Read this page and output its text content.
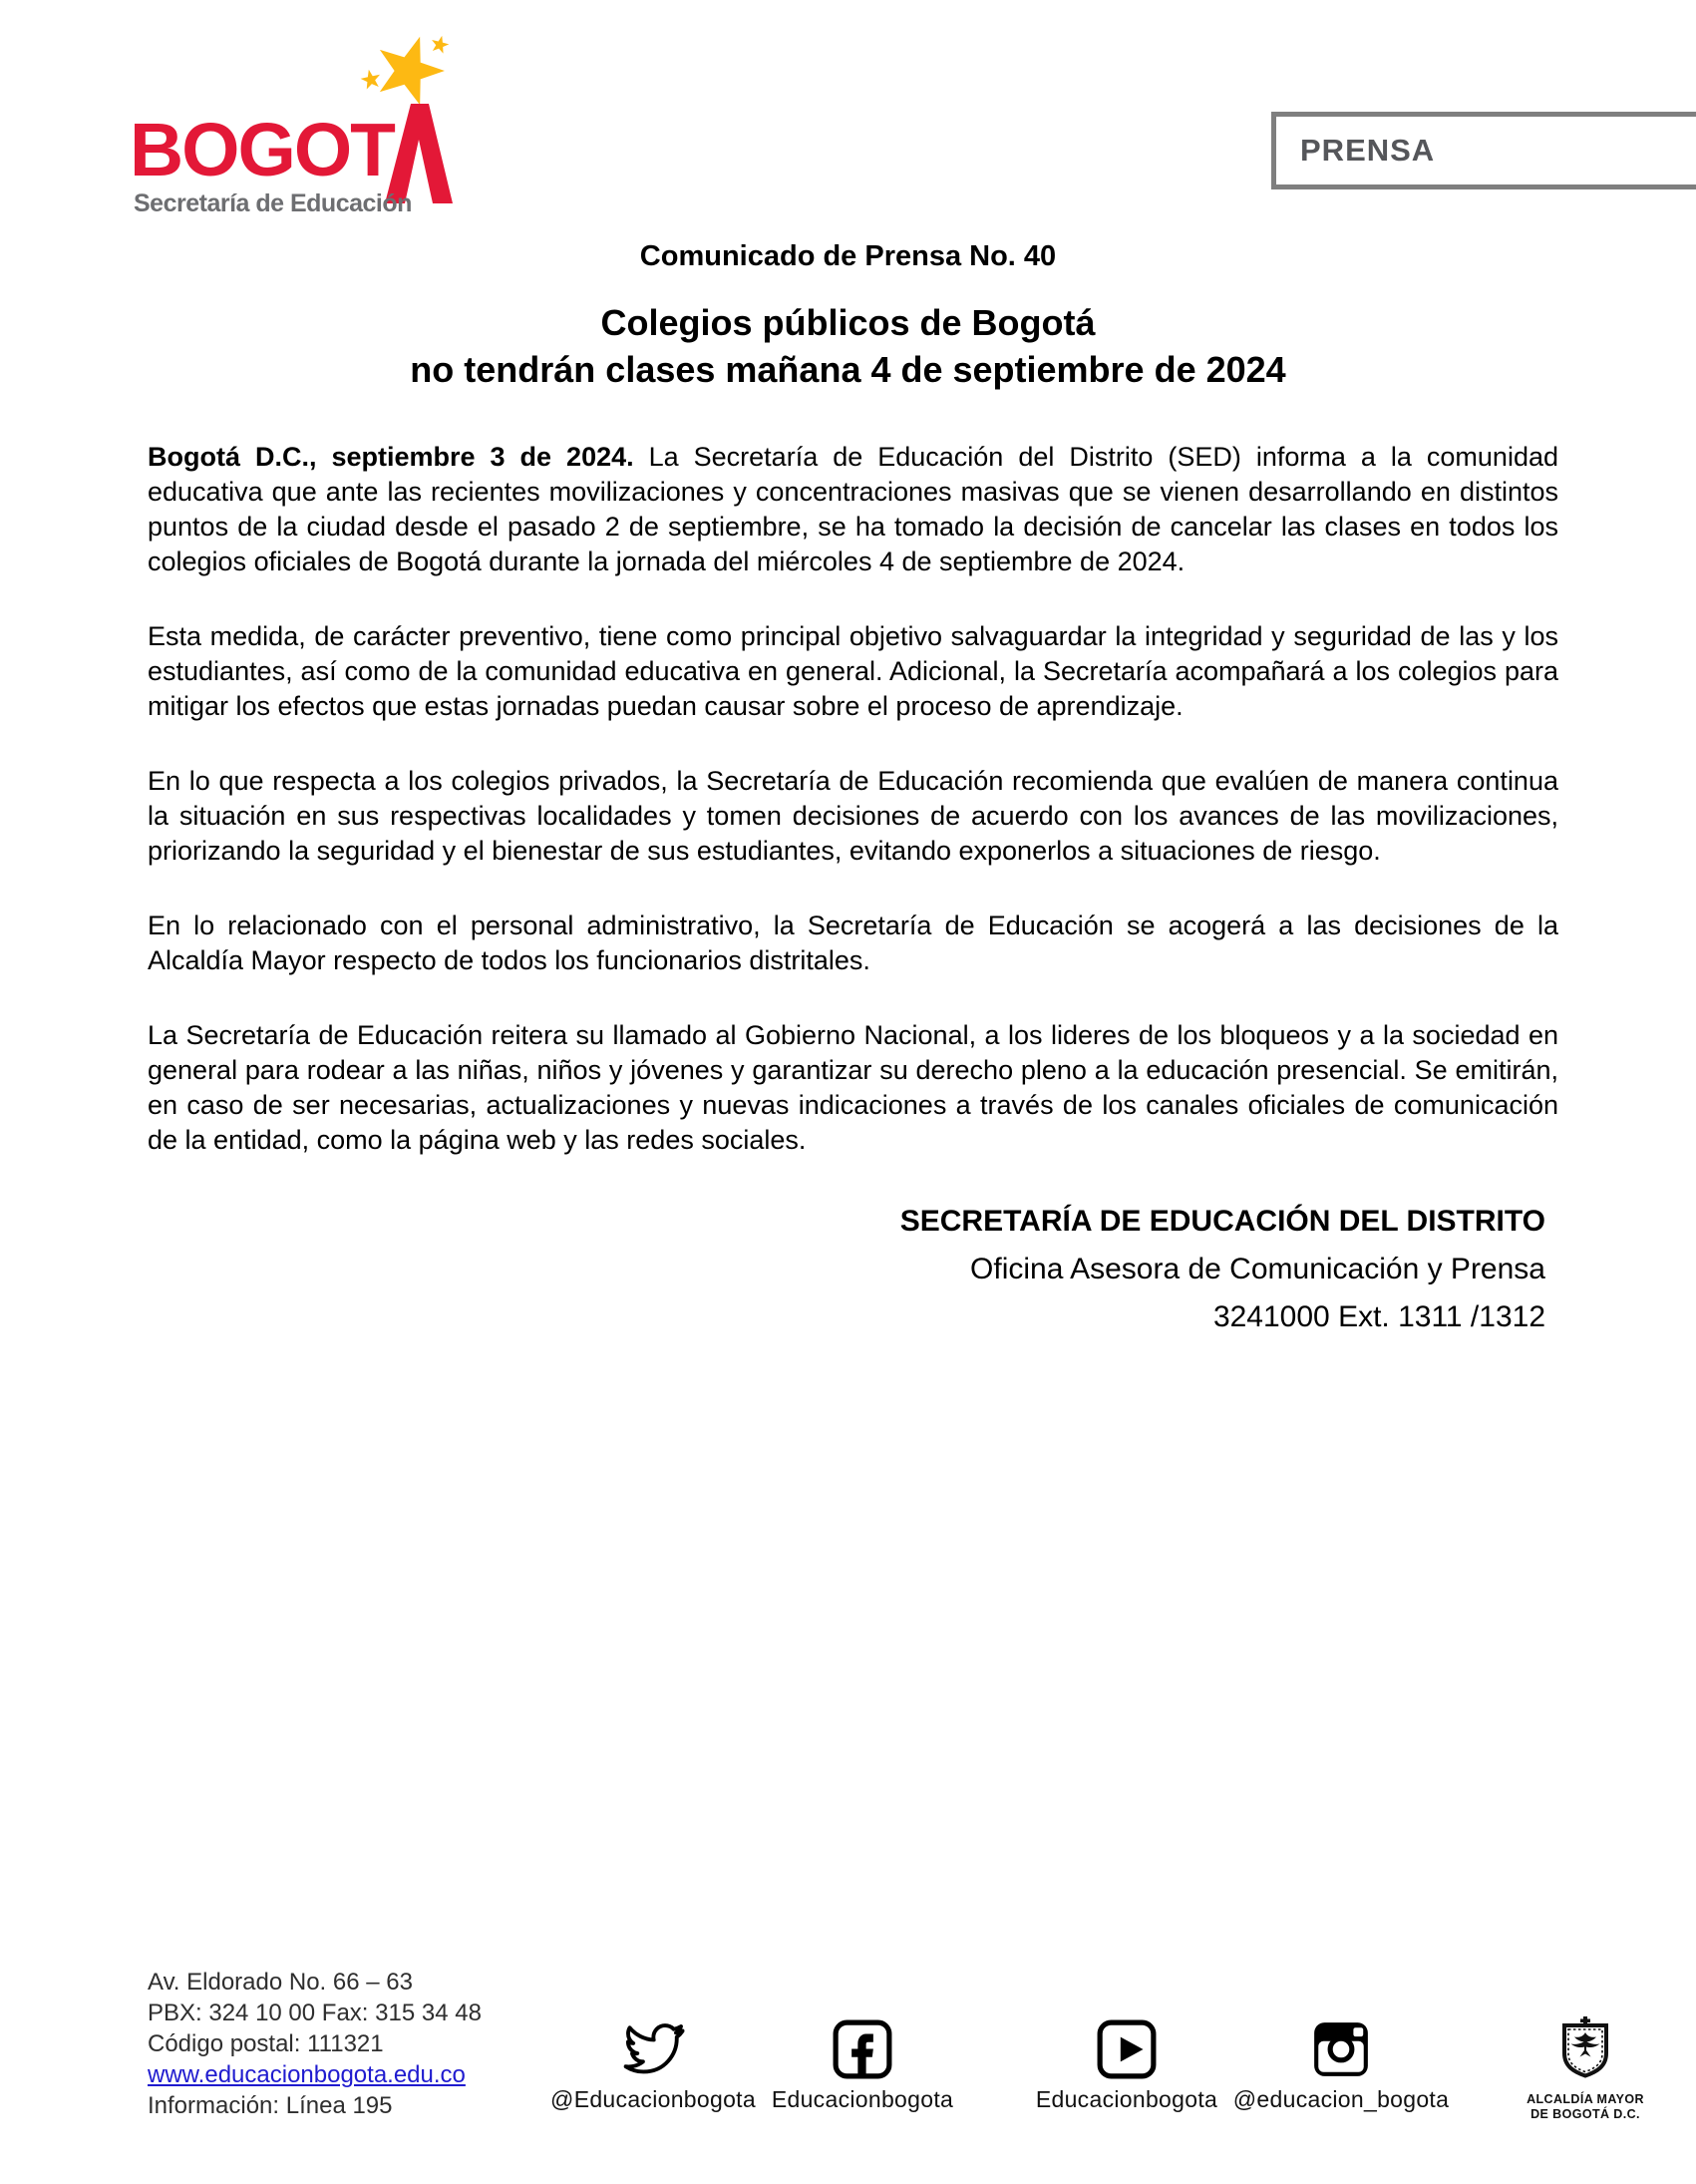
BOGOT
Secretaría de Educación
PRENSA
Comunicado de Prensa No. 40
Colegios públicos de Bogotá
no tendrán clases mañana 4 de septiembre de 2024

Bogotá D.C., septiembre 3 de 2024. La Secretaría de Educación del Distrito (SED) informa a la comunidad educativa que ante las recientes movilizaciones y concentraciones masivas que se vienen desarrollando en distintos puntos de la ciudad desde el pasado 2 de septiembre, se ha tomado la decisión de cancelar las clases en todos los colegios oficiales de Bogotá durante la jornada del miércoles 4 de septiembre de 2024.

Esta medida, de carácter preventivo, tiene como principal objetivo salvaguardar la integridad y seguridad de las y los estudiantes, así como de la comunidad educativa en general. Adicional, la Secretaría acompañará a los colegios para mitigar los efectos que estas jornadas puedan causar sobre el proceso de aprendizaje.

En lo que respecta a los colegios privados, la Secretaría de Educación recomienda que evalúen de manera continua la situación en sus respectivas localidades y tomen decisiones de acuerdo con los avances de las movilizaciones, priorizando la seguridad y el bienestar de sus estudiantes, evitando exponerlos a situaciones de riesgo.

En lo relacionado con el personal administrativo, la Secretaría de Educación se acogerá a las decisiones de la Alcaldía Mayor respecto de todos los funcionarios distritales.

La Secretaría de Educación reitera su llamado al Gobierno Nacional, a los lideres de los bloqueos y a la sociedad en general para rodear a las niñas, niños y jóvenes y garantizar su derecho pleno a la educación presencial. Se emitirán, en caso de ser necesarias, actualizaciones y nuevas indicaciones a través de los canales oficiales de comunicación de la entidad, como la página web y las redes sociales.

SECRETARÍA DE EDUCACIÓN DEL DISTRITO
Oficina Asesora de Comunicación y Prensa
3241000 Ext. 1311 /1312
Av. Eldorado No. 66 – 63
PBX: 324 10 00 Fax: 315 34 48
Código postal: 111321
www.educacionbogota.edu.co
Información: Línea 195	@Educacionbogota Educacionbogota	Educacionbogota @educacion_bogota	ALCALDÍA MAYOR
DE BOGOTÁ D.C.
